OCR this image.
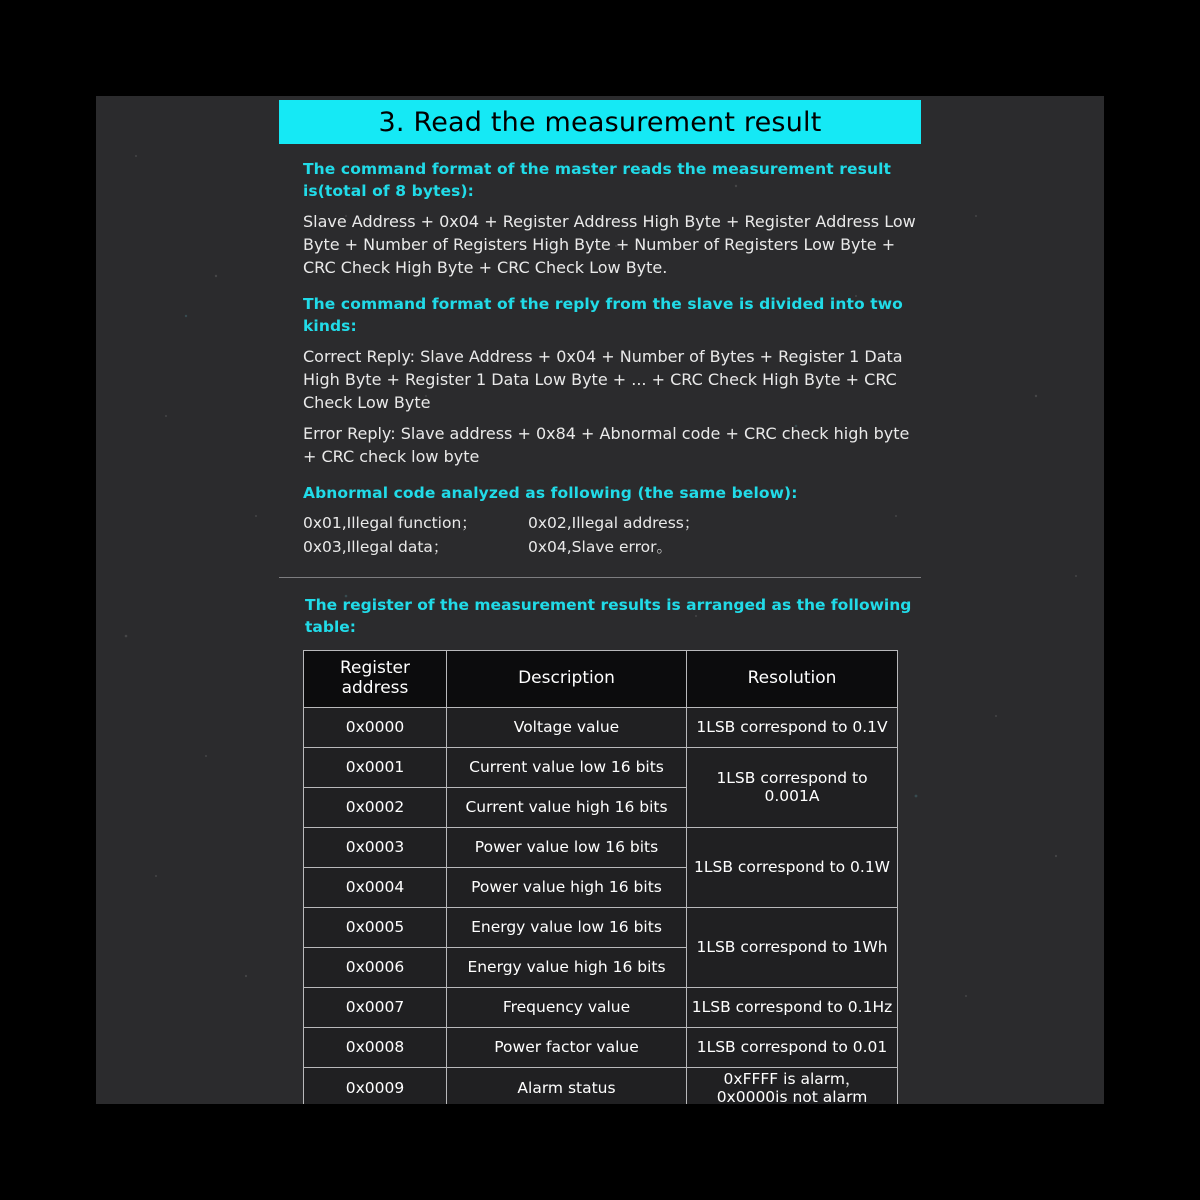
3. Read the measurement result

The command format of the master reads the measurement result is(total of 8 bytes):

Slave Address + 0x04 + Register Address High Byte + Register Address Low Byte + Number of Registers High Byte + Number of Registers Low Byte + CRC Check High Byte + CRC Check Low Byte.

The command format of the reply from the slave is divided into two kinds:

Correct Reply: Slave Address + 0x04 + Number of Bytes + Register 1 Data High Byte + Register 1 Data Low Byte + ... + CRC Check High Byte + CRC Check Low Byte

Error Reply: Slave address + 0x84 + Abnormal code + CRC check high byte + CRC check low byte

Abnormal code analyzed as following (the same below):

0x01,Illegal function；	0x02,Illegal address；
0x03,Illegal data；	0x04,Slave error。

The register of the measurement results is arranged as the following table:

Register address	Description	Resolution
0x0000	Voltage value	1LSB correspond to 0.1V
0x0001	Current value low 16 bits	1LSB correspond to 0.001A
0x0002	Current value high 16 bits	
0x0003	Power value low 16 bits	1LSB correspond to 0.1W
0x0004	Power value high 16 bits	
0x0005	Energy value low 16 bits	1LSB correspond to 1Wh
0x0006	Energy value high 16 bits	
0x0007	Frequency value	1LSB correspond to 0.1Hz
0x0008	Power factor value	1LSB correspond to 0.01
0x0009	Alarm status	0xFFFF is alarm，
0x0000is not alarm
